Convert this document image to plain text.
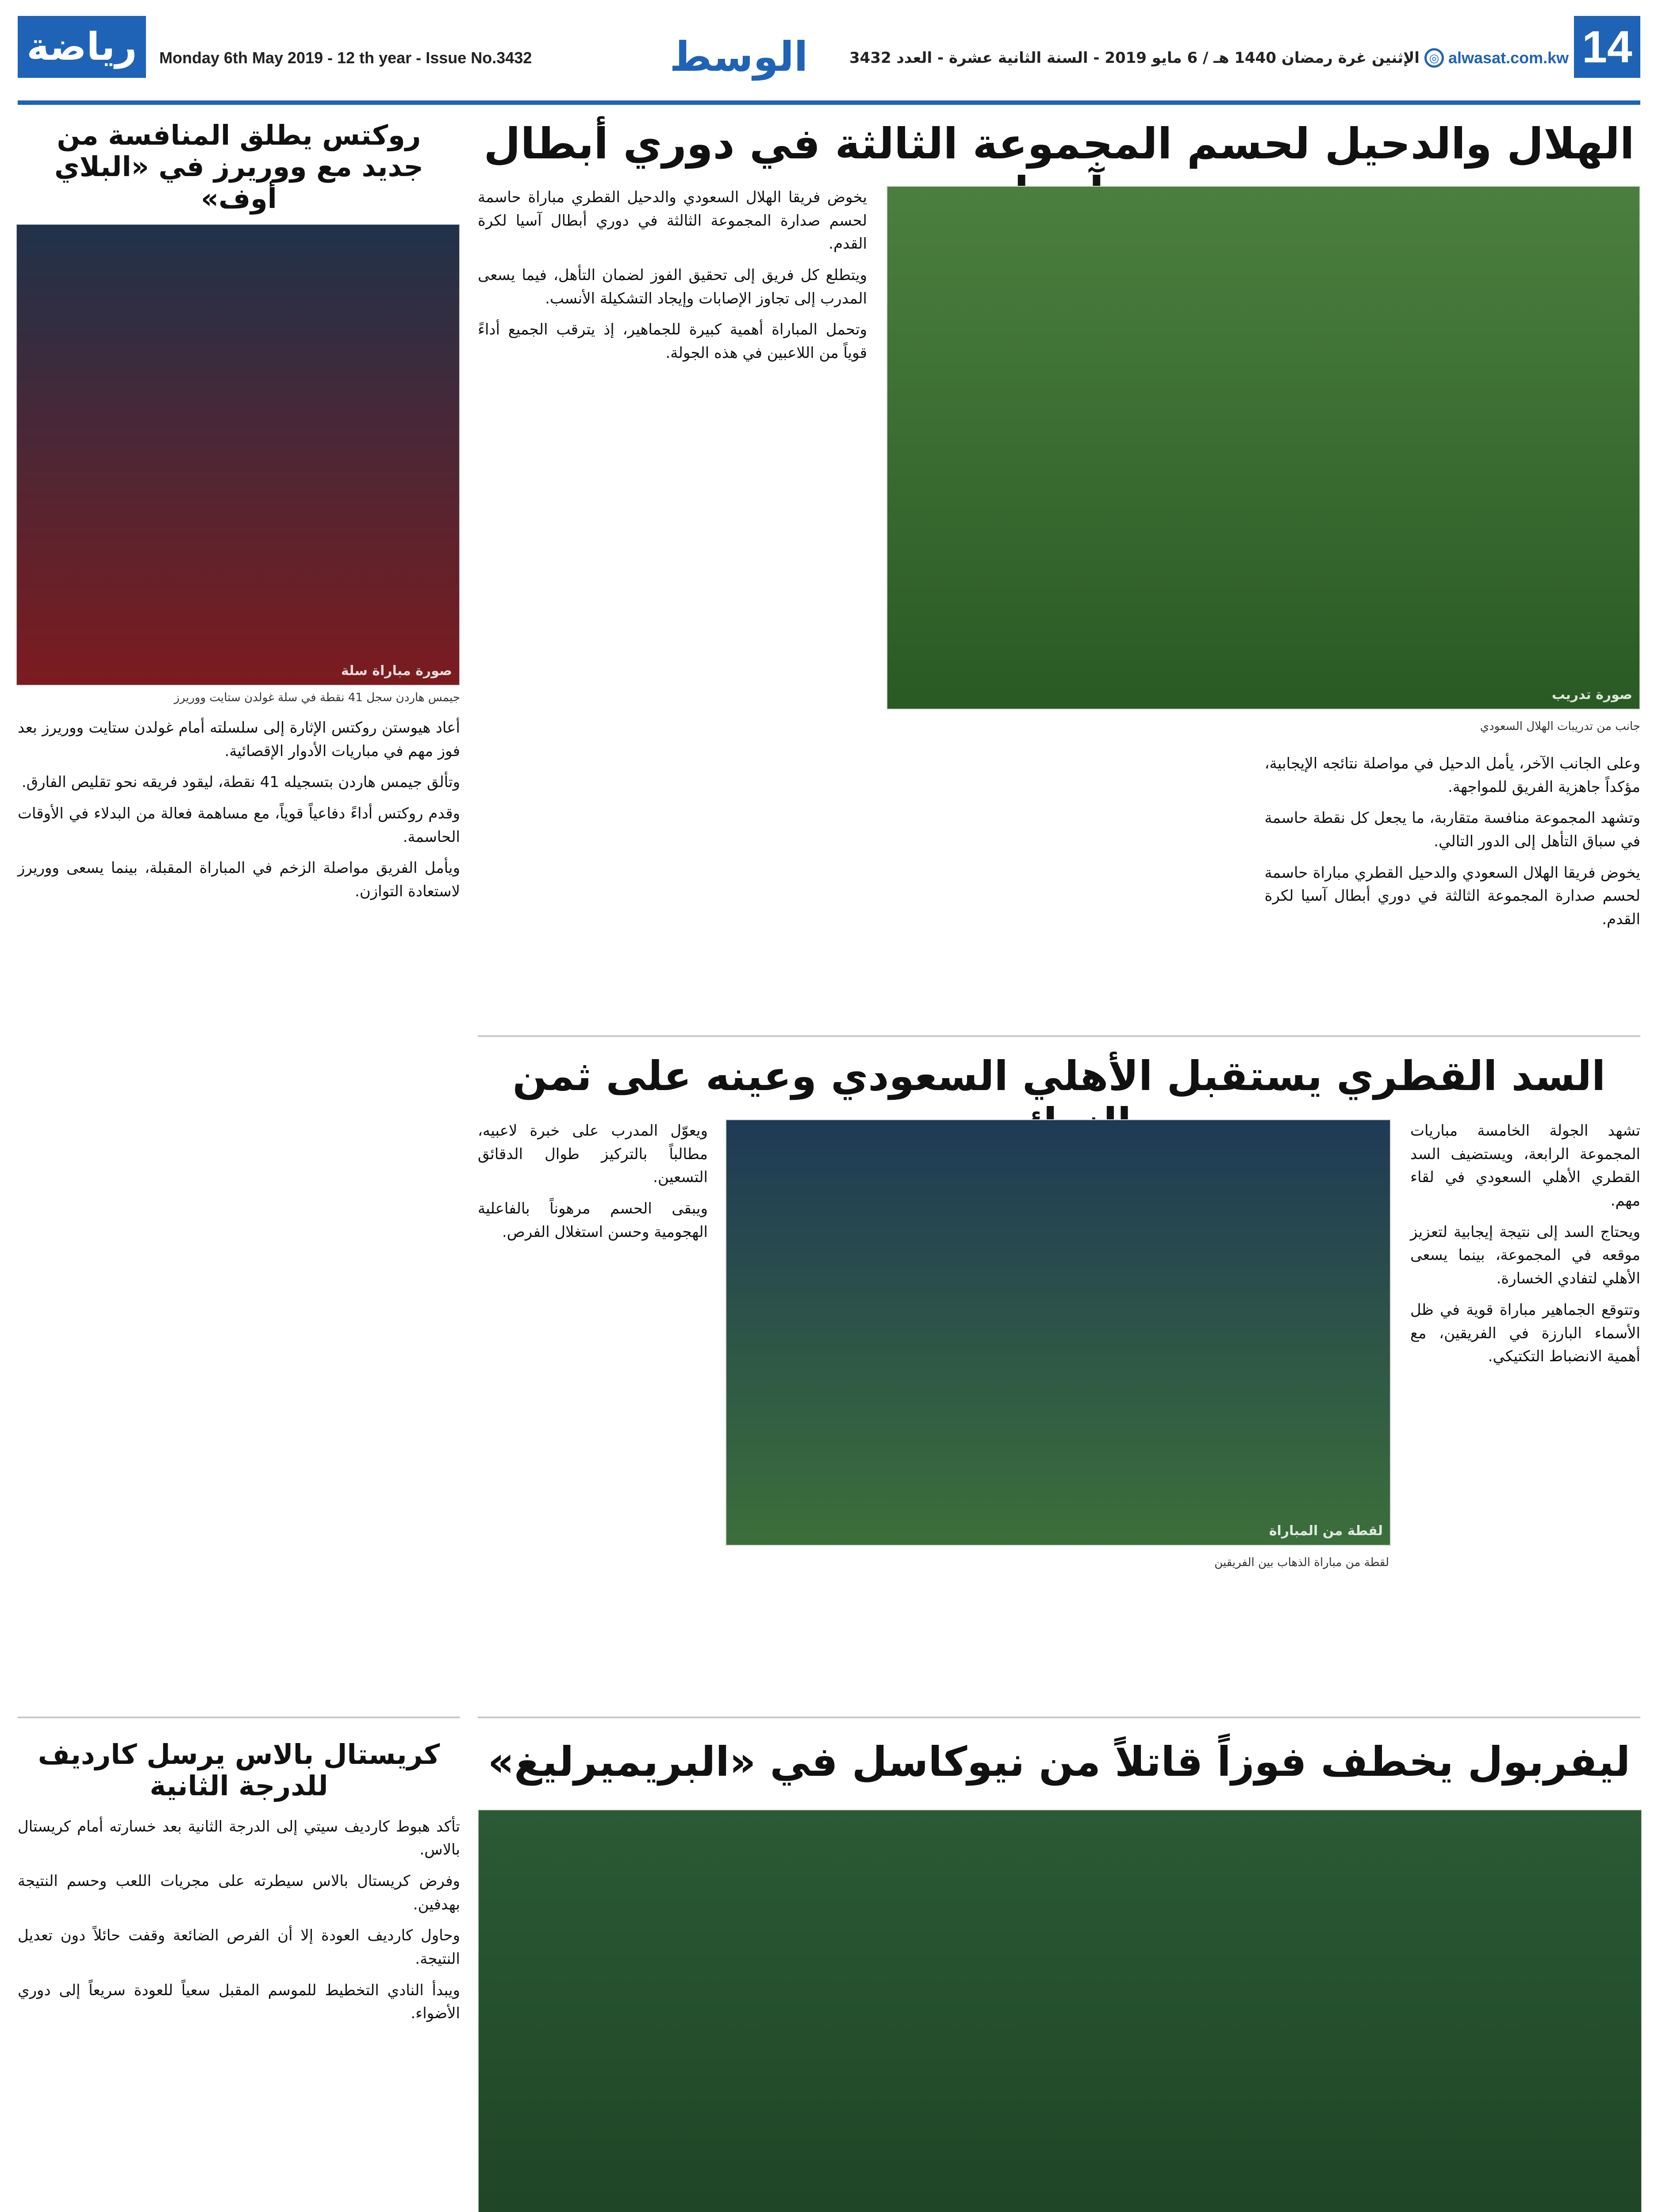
رياضة	Monday 6th May 2019 - 12 th year - Issue No.3432	الوسط	الإثنين غرة رمضان 1440 هـ / 6 مايو 2019 - السنة الثانية عشرة - العدد 3432 ◎ alwasat.com.kw 14
روكتس يطلق المنافسة من جديد مع ووريرز في «البلاي أوف»
صورة مباراة سلة
جيمس هاردن سجل 41 نقطة في سلة غولدن ستايت ووريرز

أعاد هيوستن روكتس الإثارة إلى سلسلته أمام غولدن ستايت ووريرز بعد فوز مهم في مباريات الأدوار الإقصائية.

وتألق جيمس هاردن بتسجيله 41 نقطة، ليقود فريقه نحو تقليص الفارق.

وقدم روكتس أداءً دفاعياً قوياً، مع مساهمة فعالة من البدلاء في الأوقات الحاسمة.

ويأمل الفريق مواصلة الزخم في المباراة المقبلة، بينما يسعى ووريرز لاستعادة التوازن.

كريستال بالاس يرسل كارديف للدرجة الثانية

تأكد هبوط كارديف سيتي إلى الدرجة الثانية بعد خسارته أمام كريستال بالاس.

وفرض كريستال بالاس سيطرته على مجريات اللعب وحسم النتيجة بهدفين.

وحاول كارديف العودة إلا أن الفرص الضائعة وقفت حائلاً دون تعديل النتيجة.

ويبدأ النادي التخطيط للموسم المقبل سعياً للعودة سريعاً إلى دوري الأضواء.

الهلال والدحيل لحسم المجموعة الثالثة في دوري أبطال
صورة تدريب
جانب من تدريبات الهلال السعودي

يخوض فريقا الهلال السعودي والدحيل القطري مباراة حاسمة لحسم صدارة المجموعة الثالثة في دوري أبطال آسيا لكرة القدم.

ويتطلع كل فريق إلى تحقيق الفوز لضمان التأهل، فيما يسعى المدرب إلى تجاوز الإصابات وإيجاد التشكيلة الأنسب.

وتحمل المباراة أهمية كبيرة للجماهير، إذ يترقب الجميع أداءً قوياً من اللاعبين في هذه الجولة.

وعلى الجانب الآخر، يأمل الدحيل في مواصلة نتائجه الإيجابية، مؤكداً جاهزية الفريق للمواجهة.

وتشهد المجموعة منافسة متقاربة، ما يجعل كل نقطة حاسمة في سباق التأهل إلى الدور التالي.

يخوض فريقا الهلال السعودي والدحيل القطري مباراة حاسمة لحسم صدارة المجموعة الثالثة في دوري أبطال آسيا لكرة القدم.

السد القطري يستقبل الأهلي السعودي وعينه على ثمن

تشهد الجولة الخامسة مباريات المجموعة الرابعة، ويستضيف السد القطري الأهلي السعودي في لقاء مهم.

ويحتاج السد إلى نتيجة إيجابية لتعزيز موقعه في المجموعة، بينما يسعى الأهلي لتفادي الخسارة.

وتتوقع الجماهير مباراة قوية في ظل الأسماء البارزة في الفريقين، مع أهمية الانضباط التكتيكي.

لقطة من المباراة
لقطة من مباراة الذهاب بين الفريقين

ويعوّل المدرب على خبرة لاعبيه، مطالباً بالتركيز طوال الدقائق التسعين.

ويبقى الحسم مرهوناً بالفاعلية الهجومية وحسن استغلال الفرص.

ليفربول يخطف فوزاً قاتلاً من نيوكاسل في «البريميرليغ»
